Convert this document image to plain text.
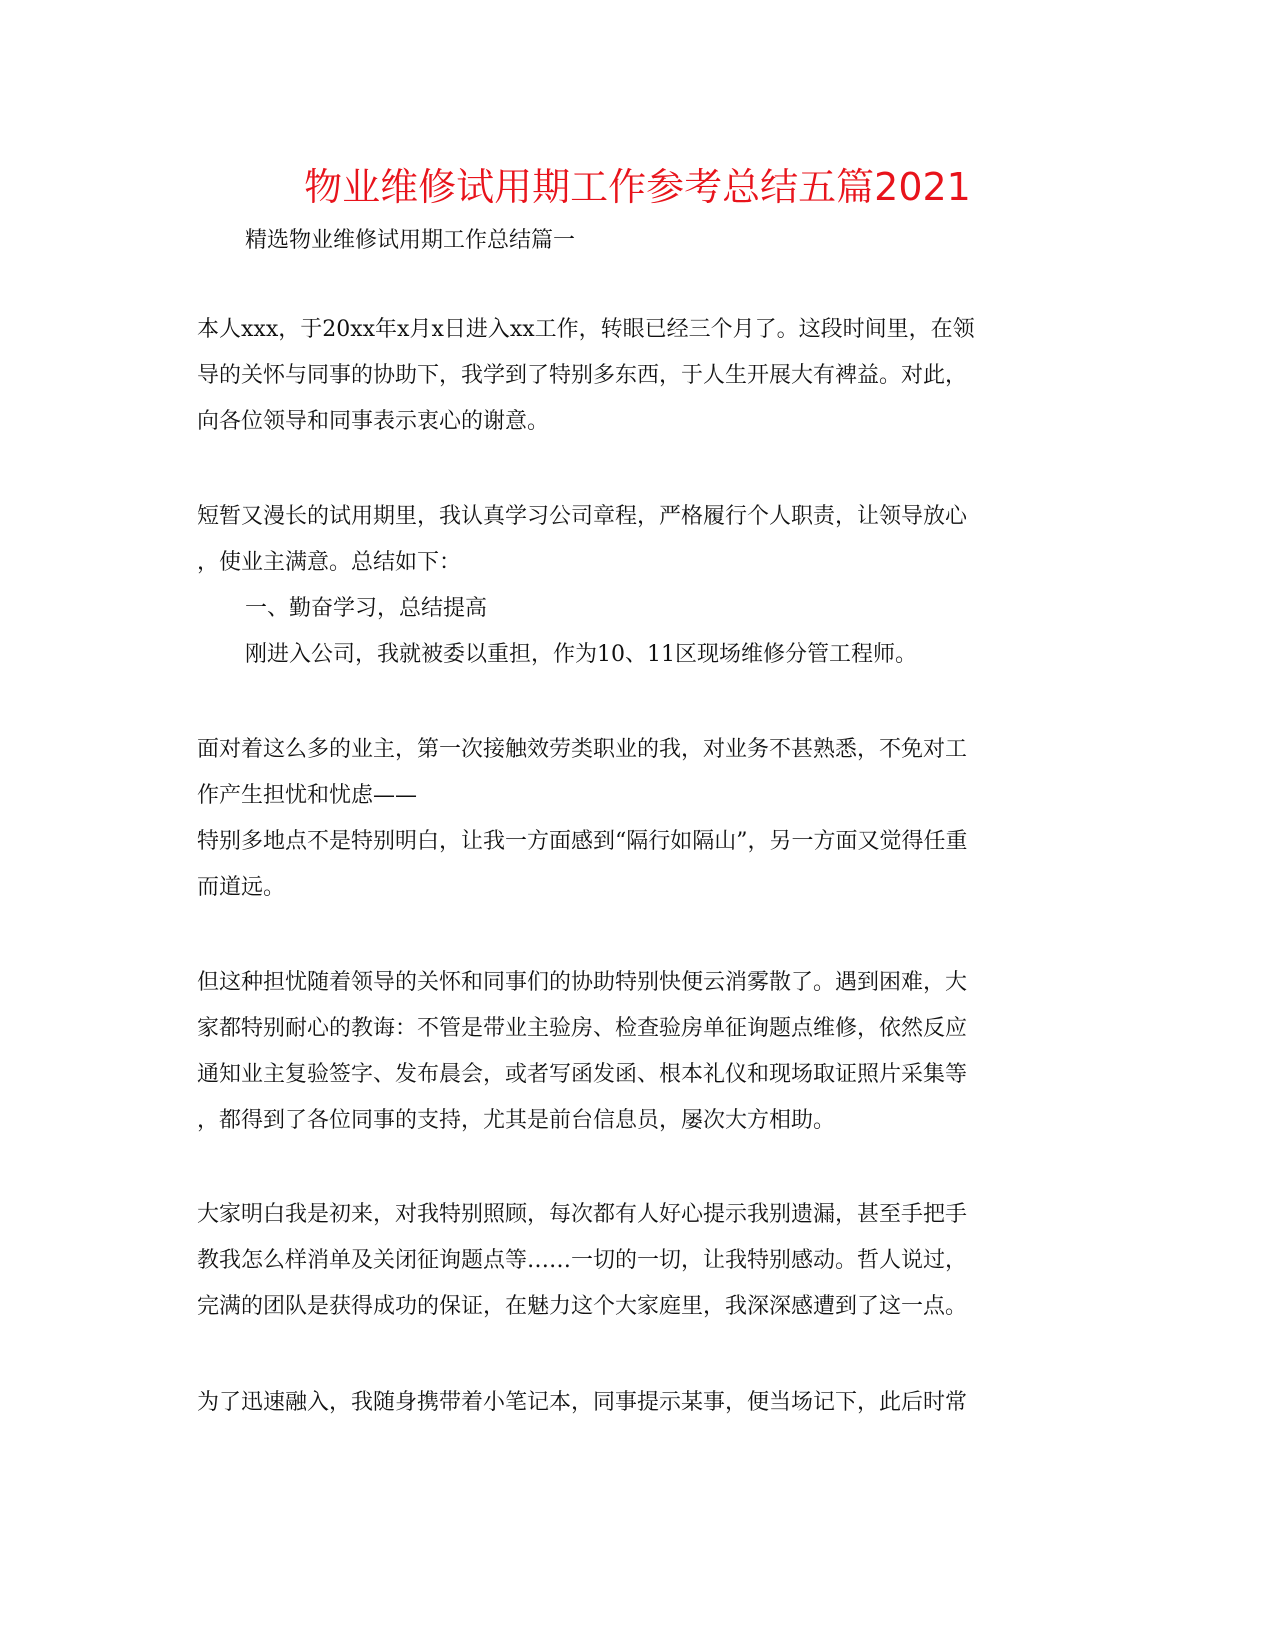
物业维修试用期工作参考总结五篇2021
精选物业维修试用期工作总结篇一
本人xxx，于20xx年x月x日进入xx工作，转眼已经三个月了。这段时间里，在领
导的关怀与同事的协助下，我学到了特别多东西，于人生开展大有裨益。对此，
向各位领导和同事表示衷心的谢意。
短暂又漫长的试用期里，我认真学习公司章程，严格履行个人职责，让领导放心
，使业主满意。总结如下：
一、勤奋学习，总结提高
刚进入公司，我就被委以重担，作为10、11区现场维修分管工程师。
面对着这么多的业主，第一次接触效劳类职业的我，对业务不甚熟悉，不免对工
作产生担忧和忧虑——
特别多地点不是特别明白，让我一方面感到“隔行如隔山”，另一方面又觉得任重
而道远。
但这种担忧随着领导的关怀和同事们的协助特别快便云消雾散了。遇到困难，大
家都特别耐心的教诲：不管是带业主验房、检查验房单征询题点维修，依然反应
通知业主复验签字、发布晨会，或者写函发函、根本礼仪和现场取证照片采集等
，都得到了各位同事的支持，尤其是前台信息员，屡次大方相助。
大家明白我是初来，对我特别照顾，每次都有人好心提示我别遗漏，甚至手把手
教我怎么样消单及关闭征询题点等……一切的一切，让我特别感动。哲人说过，
完满的团队是获得成功的保证，在魅力这个大家庭里，我深深感遭到了这一点。
为了迅速融入，我随身携带着小笔记本，同事提示某事，便当场记下，此后时常
